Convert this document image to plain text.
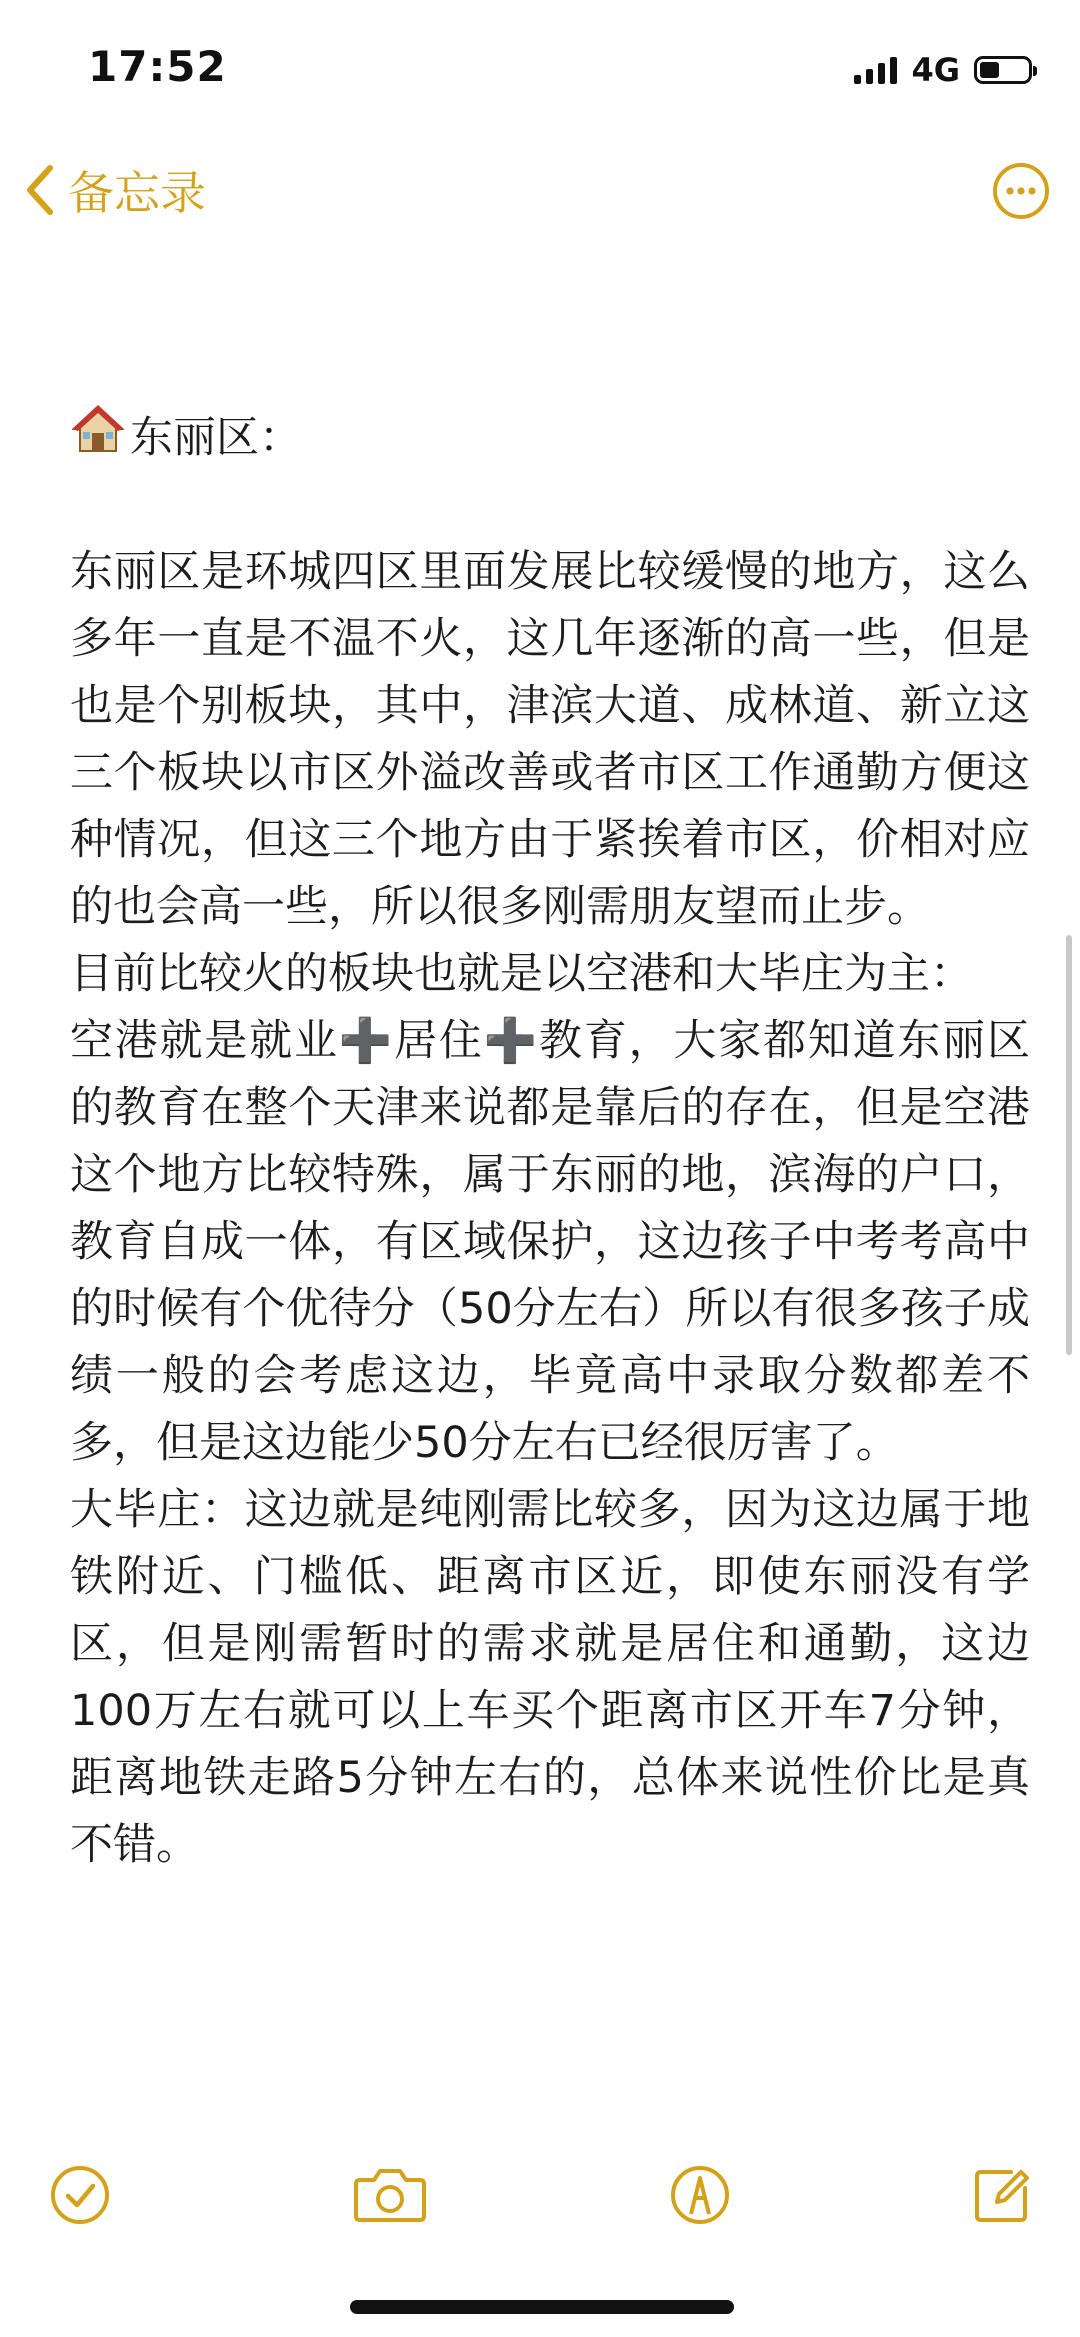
17:52	4G
备忘录
东丽区：

东丽区是环城四区里面发展比较缓慢的地方，这么多年一直是不温不火，这几年逐渐的高一些，但是也是个别板块，其中，津滨大道、成林道、新立这三个板块以市区外溢改善或者市区工作通勤方便这种情况，但这三个地方由于紧挨着市区，价相对应的也会高一些，所以很多刚需朋友望而止步。

目前比较火的板块也就是以空港和大毕庄为主：

空港就是就业➕居住➕教育，大家都知道东丽区的教育在整个天津来说都是靠后的存在，但是空港这个地方比较特殊，属于东丽的地，滨海的户口，教育自成一体，有区域保护，这边孩子中考考高中的时候有个优待分（50分左右）所以有很多孩子成绩一般的会考虑这边，毕竟高中录取分数都差不多，但是这边能少50分左右已经很厉害了。

大毕庄：这边就是纯刚需比较多，因为这边属于地铁附近、门槛低、距离市区近，即使东丽没有学区，但是刚需暂时的需求就是居住和通勤，这边100万左右就可以上车买个距离市区开车7分钟，距离地铁走路5分钟左右的，总体来说性价比是真不错。
